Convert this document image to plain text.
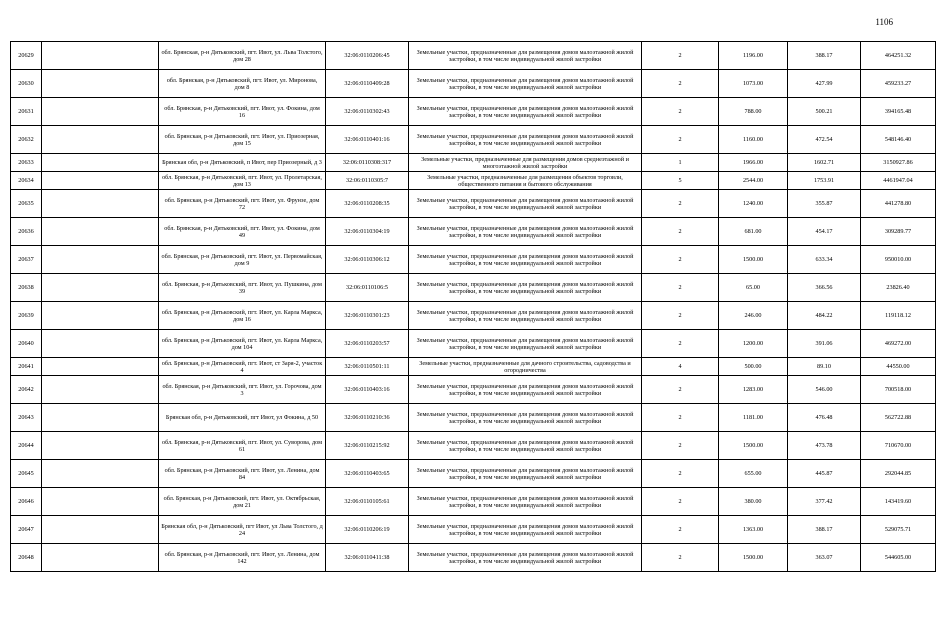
1106
20629		обл. Брянская, р-н Дятьковский, пгт. Ивот, ул. Льва Толстого, дом 28	32:06:0110206:45	Земельные участки, предназначенные для размещения домов малоэтажной жилой застройки, в том числе индивидуальной жилой застройки	2	1196.00	388.17	464251.32
20630		обл. Брянская, р-н Дятьковский, пгт. Ивот, ул. Миронова, дом 8	32:06:0110409:28	Земельные участки, предназначенные для размещения домов малоэтажной жилой застройки, в том числе индивидуальной жилой застройки	2	1073.00	427.99	459233.27
20631		обл. Брянская, р-н Дятьковский, пгт. Ивот, ул. Фокина, дом 16	32:06:0110302:43	Земельные участки, предназначенные для размещения домов малоэтажной жилой застройки, в том числе индивидуальной жилой застройки	2	788.00	500.21	394165.48
20632		обл. Брянская, р-н Дятьковский, пгт. Ивот, ул. Приозерная, дом 15	32:06:0110401:16	Земельные участки, предназначенные для размещения домов малоэтажной жилой застройки, в том числе индивидуальной жилой застройки	2	1160.00	472.54	548146.40
20633		Брянская обл, р-н Дятьковский, п Ивот, пер Приозерный, д 3	32:06:0110308:317	Земельные участки, предназначенные для размещения домов среднеэтажной и многоэтажной жилой застройки	1	1966.00	1602.71	3150927.86
20634		обл. Брянская, р-н Дятьковский, пгт. Ивот, ул. Пролетарская, дом 13	32:06:0110305:7	Земельные участки, предназначенные для размещения объектов торговли, общественного питания и бытового обслуживания	5	2544.00	1753.91	4461947.04
20635		обл. Брянская, р-н Дятьковский, пгт. Ивот, ул. Фрунзе, дом 72	32:06:0110208:35	Земельные участки, предназначенные для размещения домов малоэтажной жилой застройки, в том числе индивидуальной жилой застройки	2	1240.00	355.87	441278.80
20636		обл. Брянская, р-н Дятьковский, пгт. Ивот, ул. Фокина, дом 49	32:06:0110304:19	Земельные участки, предназначенные для размещения домов малоэтажной жилой застройки, в том числе индивидуальной жилой застройки	2	681.00	454.17	309289.77
20637		обл. Брянская, р-н Дятьковский, пгт. Ивот, ул. Первомайская, дом 9	32:06:0110306:12	Земельные участки, предназначенные для размещения домов малоэтажной жилой застройки, в том числе индивидуальной жилой застройки	2	1500.00	633.34	950010.00
20638		обл. Брянская, р-н Дятьковский, пгт. Ивот, ул. Пушкина, дом 39	32:06:0110106:5	Земельные участки, предназначенные для размещения домов малоэтажной жилой застройки, в том числе индивидуальной жилой застройки	2	65.00	366.56	23826.40
20639		обл. Брянская, р-н Дятьковский, пгт. Ивот, ул. Карла Маркса, дом 16	32:06:0110301:23	Земельные участки, предназначенные для размещения домов малоэтажной жилой застройки, в том числе индивидуальной жилой застройки	2	246.00	484.22	119118.12
20640		обл. Брянская, р-н Дятьковский, пгт. Ивот, ул. Карла Маркса, дом 104	32:06:0110203:57	Земельные участки, предназначенные для размещения домов малоэтажной жилой застройки, в том числе индивидуальной жилой застройки	2	1200.00	391.06	469272.00
20641		обл. Брянская, р-н Дятьковский, пгт. Ивот, ст Заря-2, участок 4	32:06:0110501:11	Земельные участки, предназначенные для дачного строительства, садоводства и огородничества	4	500.00	89.10	44550.00
20642		обл. Брянская, р-н Дятьковский, пгт. Ивот, ул. Горочова, дом 3	32:06:0110403:16	Земельные участки, предназначенные для размещения домов малоэтажной жилой застройки, в том числе индивидуальной жилой застройки	2	1283.00	546.00	700518.00
20643		Брянская обл, р-н Дятьковский, пгт Ивот, ул Фокина, д 50	32:06:0110210:36	Земельные участки, предназначенные для размещения домов малоэтажной жилой застройки, в том числе индивидуальной жилой застройки	2	1181.00	476.48	562722.88
20644		обл. Брянская, р-н Дятьковский, пгт. Ивот, ул. Суворова, дом 61	32:06:0110215:92	Земельные участки, предназначенные для размещения домов малоэтажной жилой застройки, в том числе индивидуальной жилой застройки	2	1500.00	473.78	710670.00
20645		обл. Брянская, р-н Дятьковский, пгт. Ивот, ул. Ленина, дом 84	32:06:0110403:65	Земельные участки, предназначенные для размещения домов малоэтажной жилой застройки, в том числе индивидуальной жилой застройки	2	655.00	445.87	292044.85
20646		обл. Брянская, р-н Дятьковский, пгт. Ивот, ул. Октябрьская, дом 21	32:06:0110105:61	Земельные участки, предназначенные для размещения домов малоэтажной жилой застройки, в том числе индивидуальной жилой застройки	2	380.00	377.42	143419.60
20647		Брянская обл, р-н Дятьковский, пгт Ивот, ул Льва Толстого, д 24	32:06:0110206:19	Земельные участки, предназначенные для размещения домов малоэтажной жилой застройки, в том числе индивидуальной жилой застройки	2	1363.00	388.17	529075.71
20648		обл. Брянская, р-н Дятьковский, пгт. Ивот, ул. Ленина, дом 142	32:06:0110411:38	Земельные участки, предназначенные для размещения домов малоэтажной жилой застройки, в том числе индивидуальной жилой застройки	2	1500.00	363.07	544605.00
